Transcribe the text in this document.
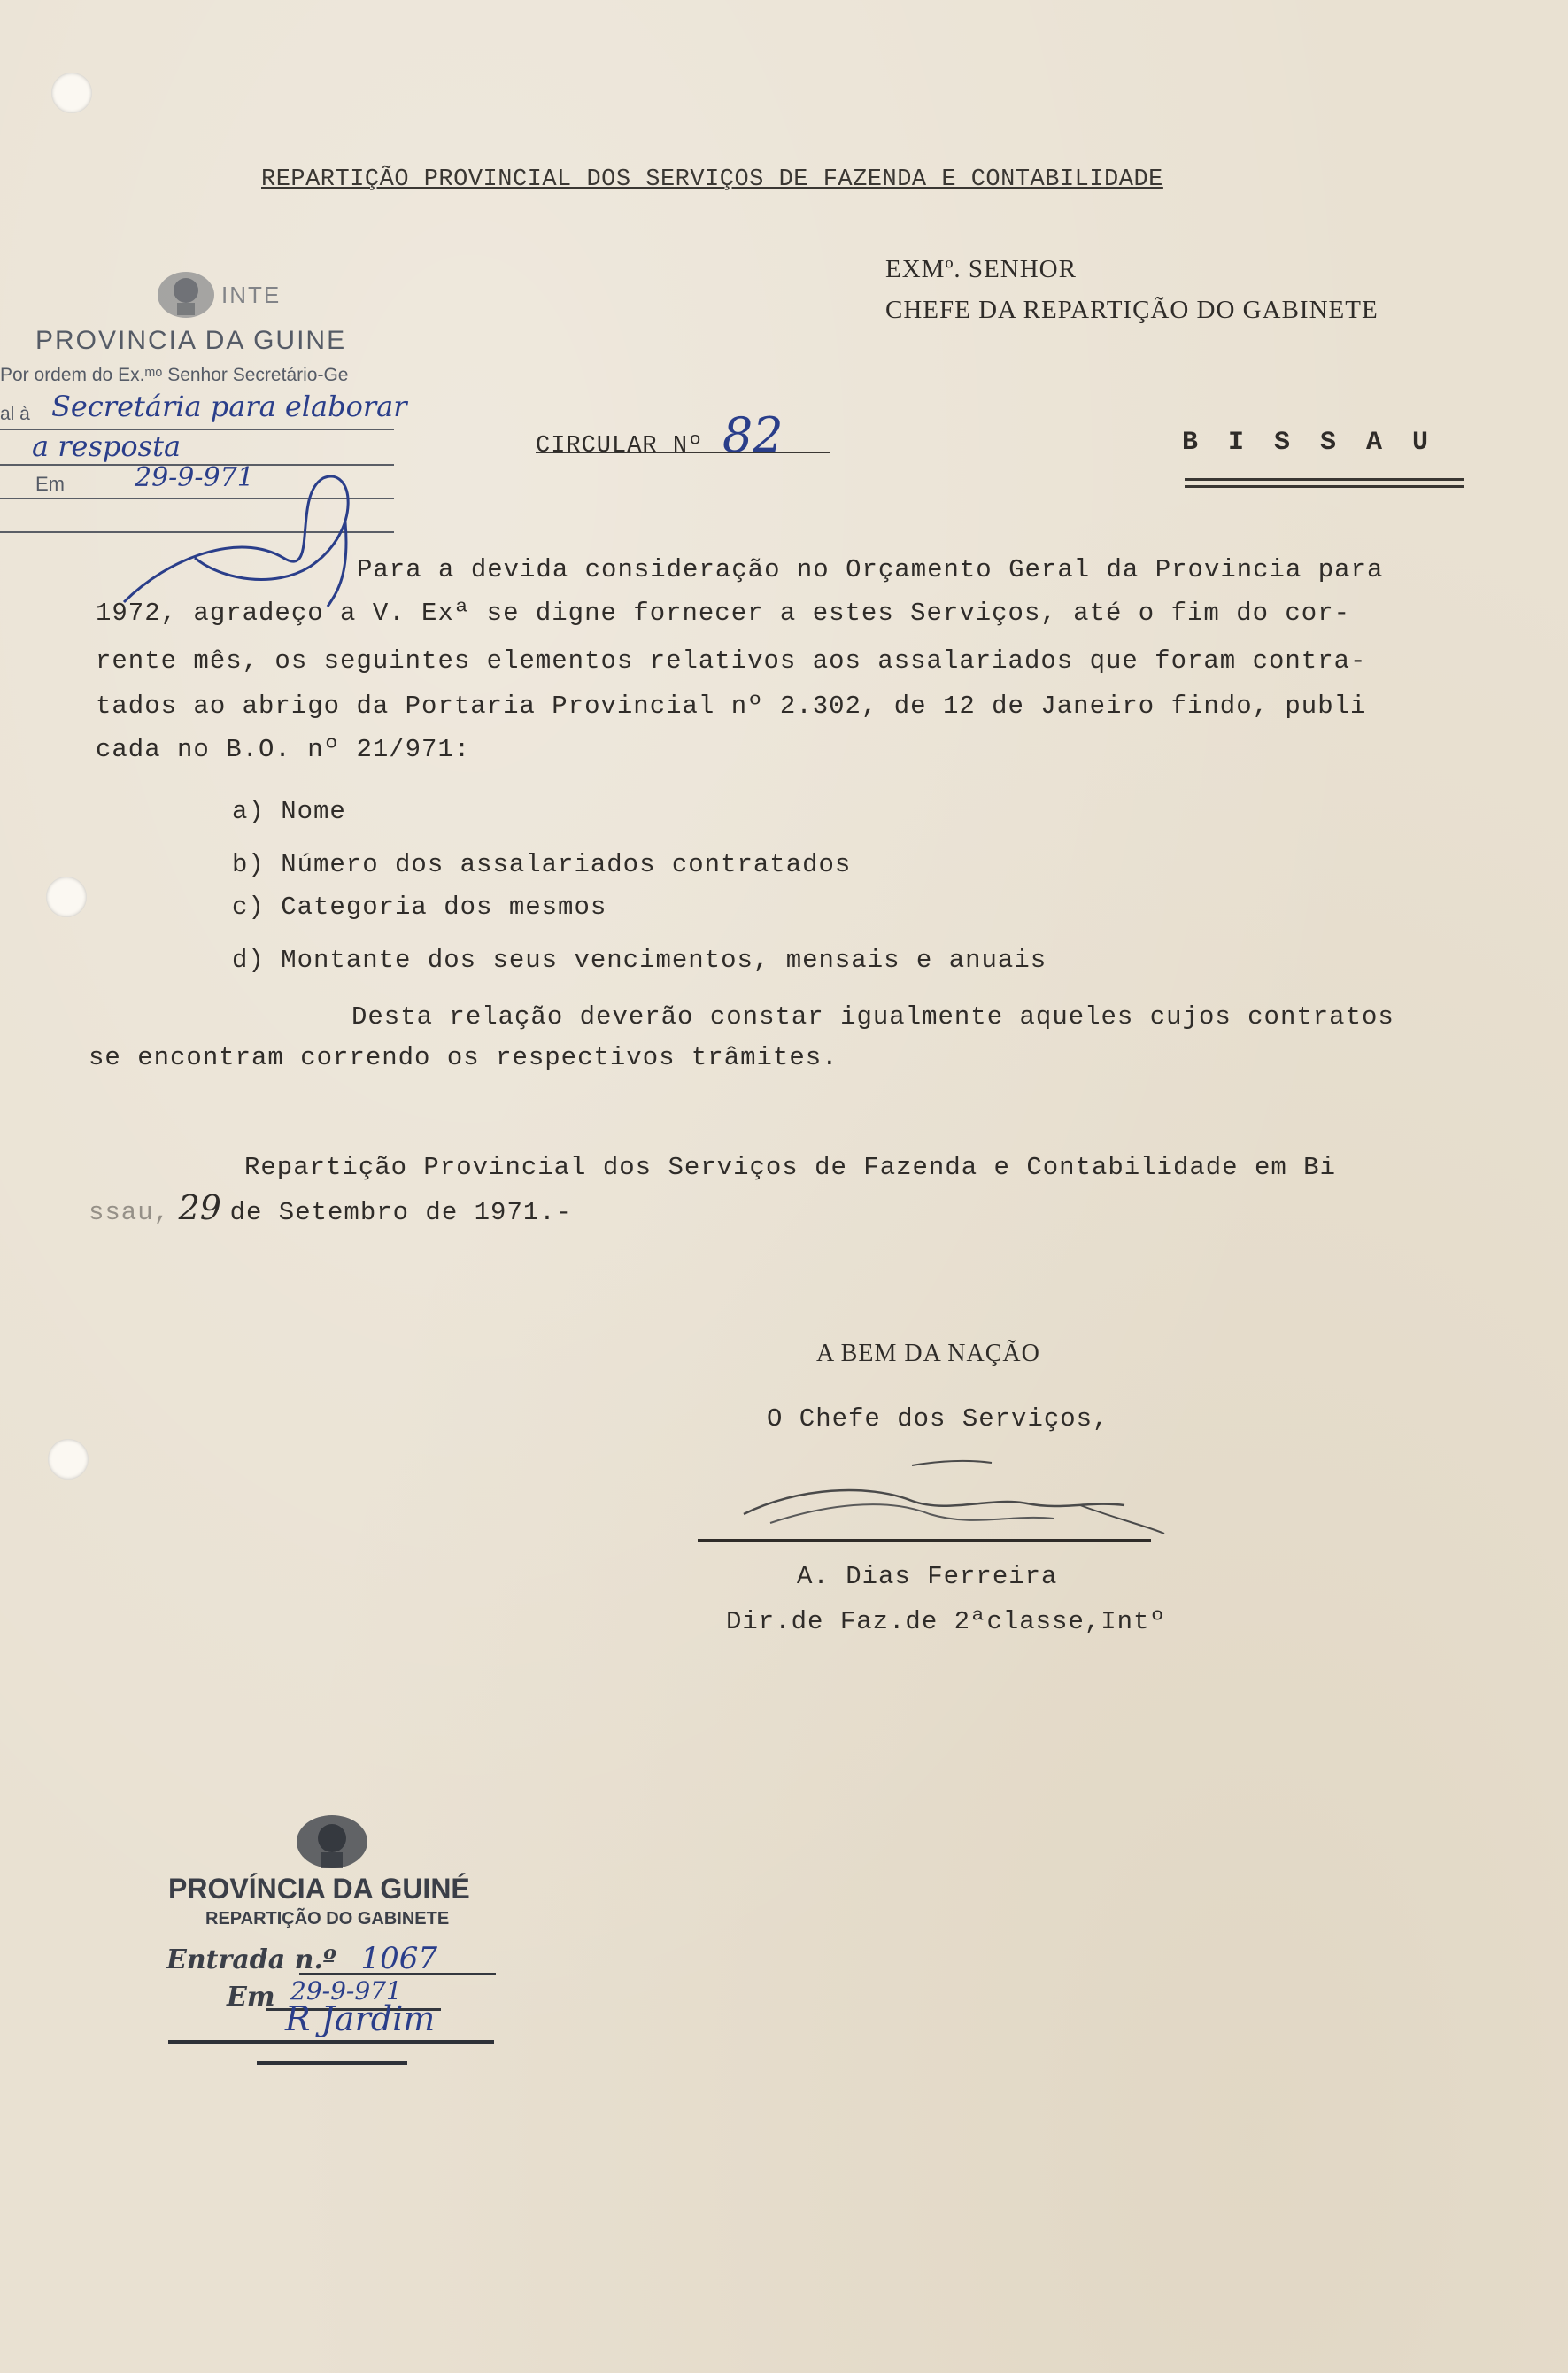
REPARTIÇÃO PROVINCIAL DOS SERVIÇOS DE FAZENDA E CONTABILIDADE
EXMº. SENHOR
CHEFE DA REPARTIÇÃO DO GABINETE
CIRCULAR Nº 82	B I S S A U
INTE
PROVINCIA DA GUINE
Por ordem do Ex.ᵐᵒ Senhor Secretário-Ge
al à Secretária para elaborar
a resposta
Em	29-9-971
Para a devida consideração no Orçamento Geral da Provincia para
1972, agradeço a V. Exª se digne fornecer a estes Serviços, até o fim do cor-
rente mês, os seguintes elementos relativos aos assalariados que foram contra-
tados ao abrigo da Portaria Provincial nº 2.302, de 12 de Janeiro findo, publi
cada no B.O. nº 21/971:
a) Nome
b) Número dos assalariados contratados
c) Categoria dos mesmos
d) Montante dos seus vencimentos, mensais e anuais
Desta relação deverão constar igualmente aqueles cujos contratos
se encontram correndo os respectivos trâmites.
Repartição Provincial dos Serviços de Fazenda e Contabilidade em Bi
ssau, 29 de Setembro de 1971.-
A BEM DA NAÇÃO
O Chefe dos Serviços,
A. Dias Ferreira
Dir.de Faz.de 2ªclasse,Intº
PROVÍNCIA DA GUINÉ
REPARTIÇÃO DO GABINETE
Entrada n.º 1067
Em 29-9-971
R Jardim
